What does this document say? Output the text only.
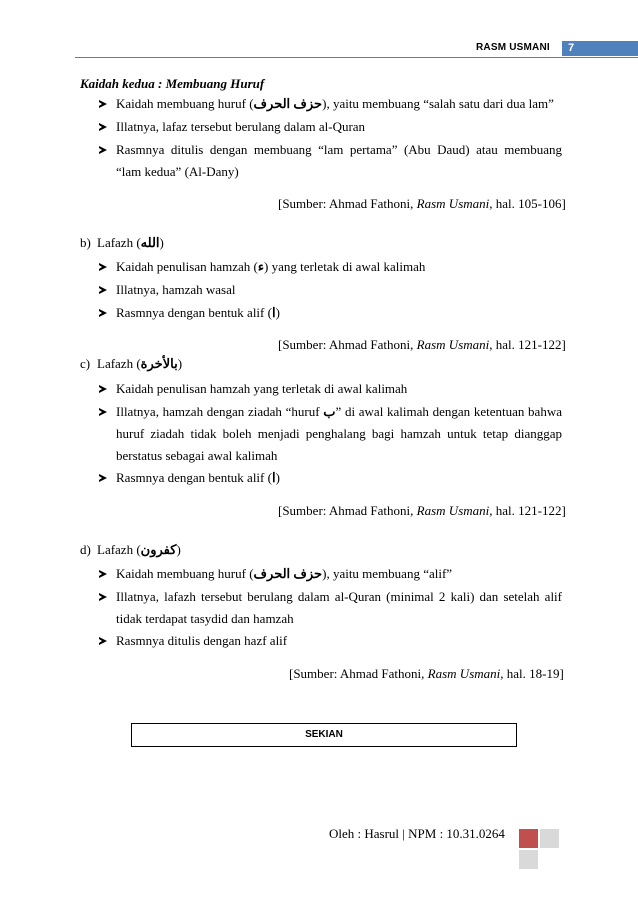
RASM USMANI 7
Kaidah kedua : Membuang Huruf
Kaidah membuang huruf (حزف الحرف), yaitu membuang “salah satu dari dua lam”
Illatnya, lafaz tersebut berulang dalam al-Quran
Rasmnya ditulis dengan membuang “lam pertama” (Abu Daud) atau membuang
“lam kedua” (Al-Dany)
[Sumber: Ahmad Fathoni, Rasm Usmani, hal. 105-106]
b) Lafazh (الله)
Kaidah penulisan hamzah (ء) yang terletak di awal kalimah
Illatnya, hamzah wasal
Rasmnya dengan bentuk alif (ا)
[Sumber: Ahmad Fathoni, Rasm Usmani, hal. 121-122]
c) Lafazh (بالأخرة)
Kaidah penulisan hamzah yang terletak di awal kalimah
Illatnya, hamzah dengan ziadah “huruf ب” di awal kalimah dengan ketentuan bahwa
huruf ziadah tidak boleh menjadi penghalang bagi hamzah untuk tetap dianggap
berstatus sebagai awal kalimah
Rasmnya dengan bentuk alif (ا)
[Sumber: Ahmad Fathoni, Rasm Usmani, hal. 121-122]
d) Lafazh (كفرون)
Kaidah membuang huruf (حزف الحرف), yaitu membuang “alif”
Illatnya, lafazh tersebut berulang dalam al-Quran (minimal 2 kali) dan setelah alif
tidak terdapat tasydid dan hamzah
Rasmnya ditulis dengan hazf alif
[Sumber: Ahmad Fathoni, Rasm Usmani, hal. 18-19]
SEKIAN
Oleh : Hasrul | NPM : 10.31.0264
